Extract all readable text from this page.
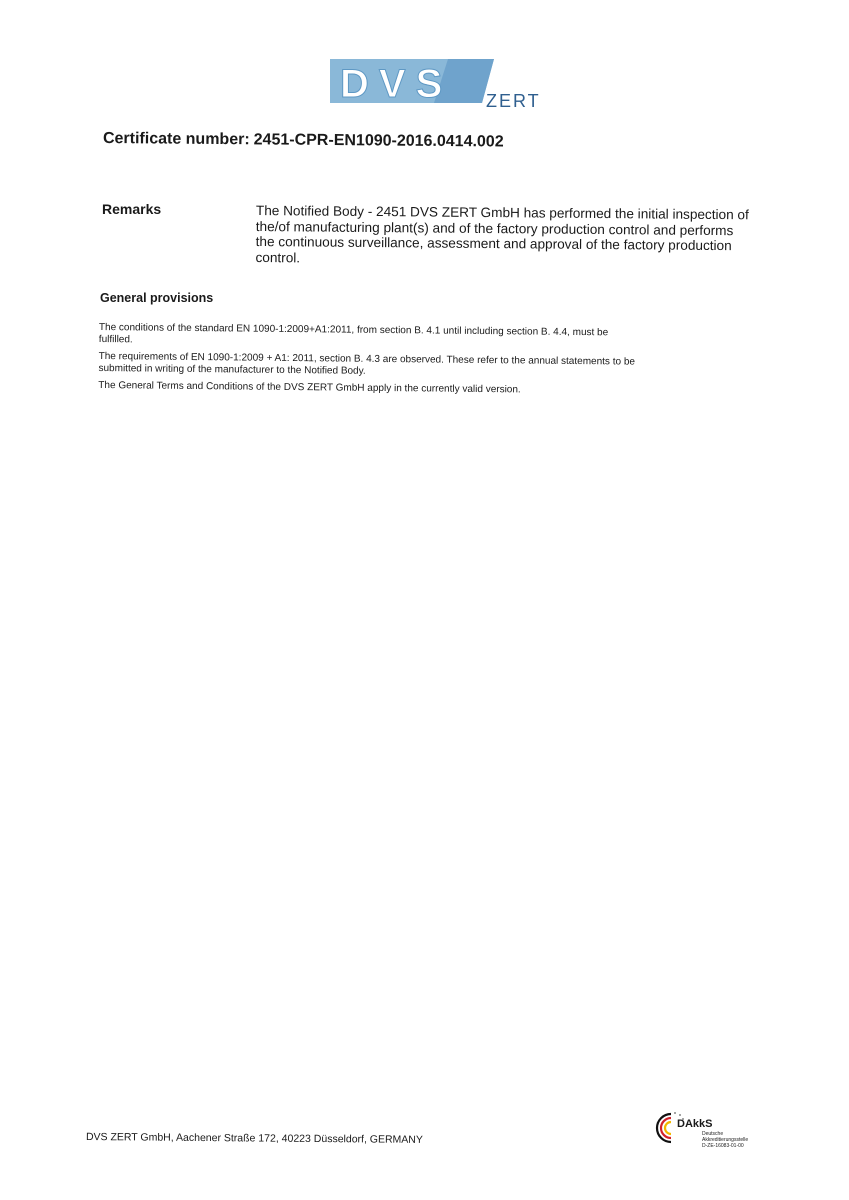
DVS ZERT
Certificate number: 2451-CPR-EN1090-2016.0414.002
Remarks	The Notified Body - 2451 DVS ZERT GmbH has performed the initial inspection of the/of manufacturing plant(s) and of the factory production control and performs the continuous surveillance, assessment and approval of the factory production control.
General provisions

The conditions of the standard EN 1090-1:2009+A1:2011, from section B. 4.1 until including section B. 4.4, must be fulfilled.

The requirements of EN 1090-1:2009 + A1: 2011, section B. 4.3 are observed. These refer to the annual statements to be submitted in writing of the manufacturer to the Notified Body.

The General Terms and Conditions of the DVS ZERT GmbH apply in the currently valid version.

DVS ZERT GmbH, Aachener Straße 172, 40223 Düsseldorf, GERMANY
DAkkS
Deutsche
Akkreditierungsstelle
D-ZE-16083-01-00
